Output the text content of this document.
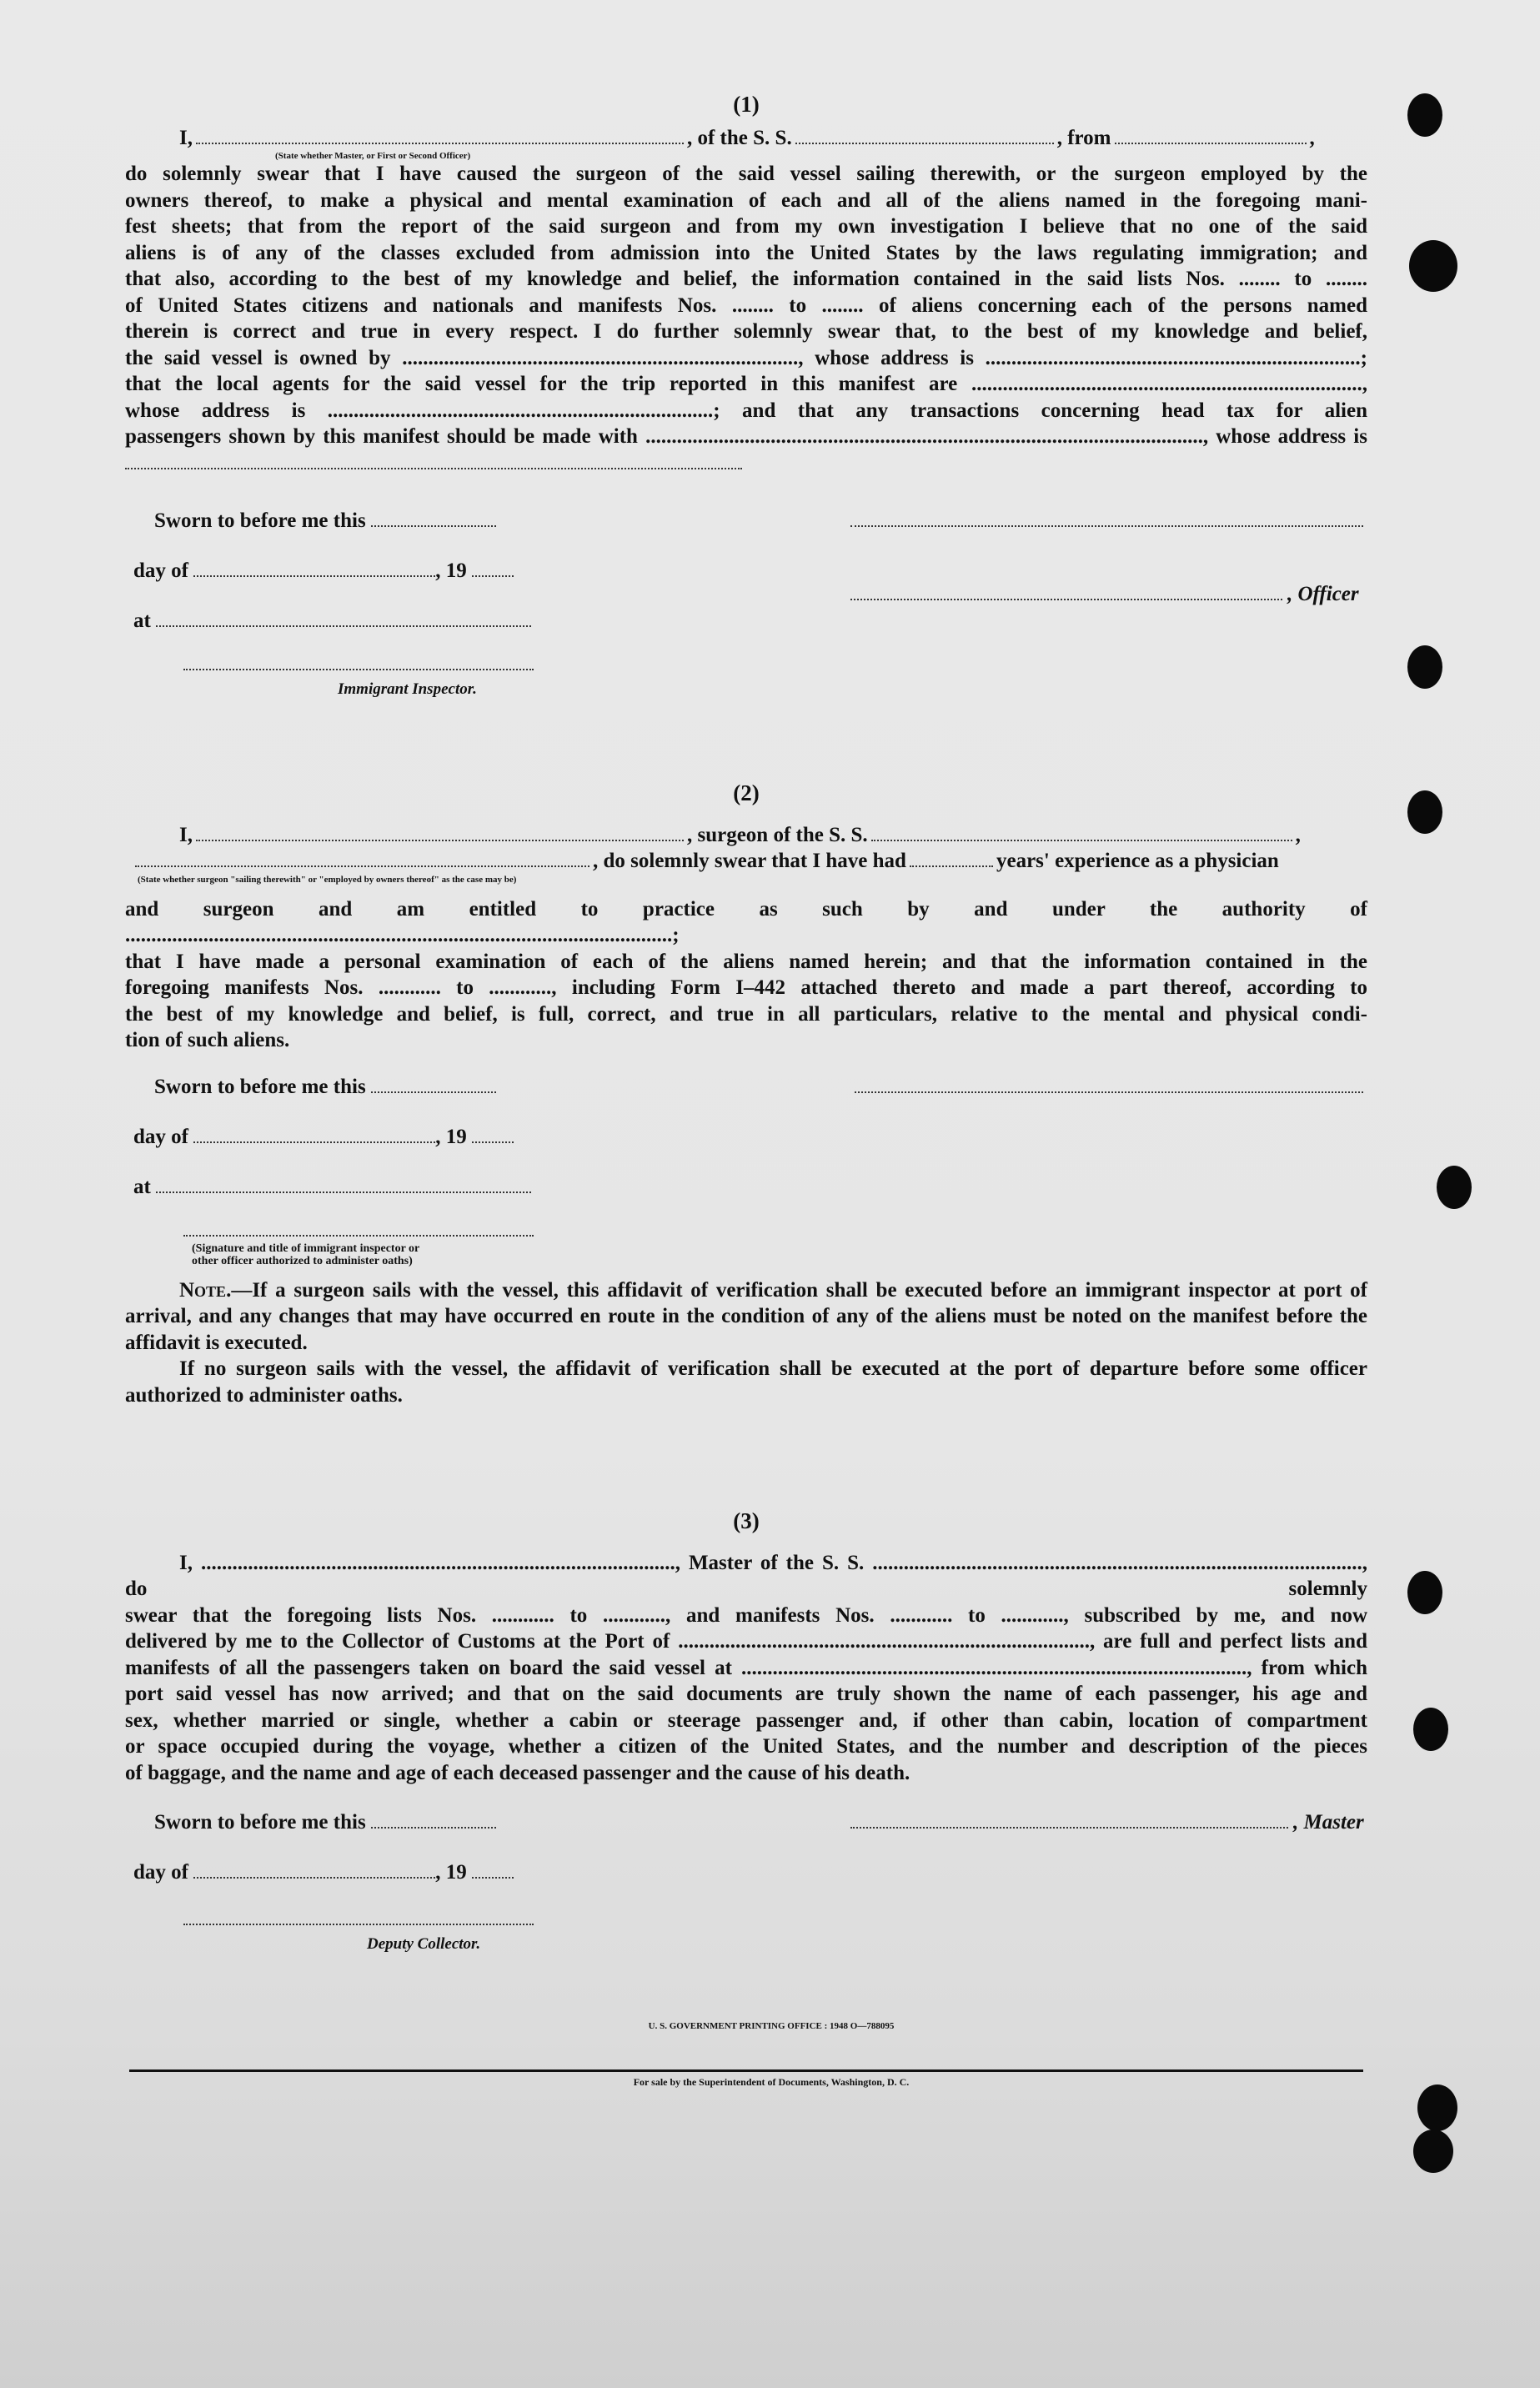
(1)
I,	, of the S. S.	, from	,
(State whether Master, or First or Second Officer)

do solemnly swear that I have caused the surgeon of the said vessel sailing therewith, or the surgeon employed by the

owners thereof, to make a physical and mental examination of each and all of the aliens named in the foregoing mani-

fest sheets; that from the report of the said surgeon and from my own investigation I believe that no one of the said

aliens is of any of the classes excluded from admission into the United States by the laws regulating immigration; and

that also, according to the best of my knowledge and belief, the information contained in the said lists Nos. ........ to ........

of United States citizens and nationals and manifests Nos. ........ to ........ of aliens concerning each of the persons named

therein is correct and true in every respect. I do further solemnly swear that, to the best of my knowledge and belief,

the said vessel is owned by ............................................................................, whose address is ........................................................................;

that the local agents for the said vessel for the trip reported in this manifest are ...........................................................................,

whose address is ..........................................................................; and that any transactions concerning head tax for alien

passengers shown by this manifest should be made with ..........................................................................................................., whose address is

Sworn to before me this
day of	, 19
, Officer
at
Immigrant Inspector.
(2)
I,	, surgeon of the S. S.	,
, do solemnly swear that I have had	years' experience as a physician
(State whether surgeon "sailing therewith" or "employed by owners thereof" as the case may be)

and surgeon and am entitled to practice as such by and under the authority of .........................................................................................................;

that I have made a personal examination of each of the aliens named herein; and that the information contained in the

foregoing manifests Nos. ............ to ............, including Form I–442 attached thereto and made a part thereof, according to

the best of my knowledge and belief, is full, correct, and true in all particulars, relative to the mental and physical condi-

tion of such aliens.

Sworn to before me this
day of	, 19
at
(Signature and title of immigrant inspector or
other officer authorized to administer oaths)
Note.—If a surgeon sails with the vessel, this affidavit of verification shall be executed before an immigrant inspector at port of arrival, and any changes that may have occurred en route in the condition of any of the aliens must be noted on the manifest before the affidavit is executed.
If no surgeon sails with the vessel, the affidavit of verification shall be executed at the port of departure before some officer authorized to administer oaths.
(3)

I, ..........................................................................................., Master of the S. S. .............................................................................................., do solemnly

swear that the foregoing lists Nos. ............ to ............, and manifests Nos. ............ to ............, subscribed by me, and now

delivered by me to the Collector of Customs at the Port of ..............................................................................., are full and perfect lists and

manifests of all the passengers taken on board the said vessel at ................................................................................................., from which

port said vessel has now arrived; and that on the said documents are truly shown the name of each passenger, his age and

sex, whether married or single, whether a cabin or steerage passenger and, if other than cabin, location of compartment

or space occupied during the voyage, whether a citizen of the United States, and the number and description of the pieces

of baggage, and the name and age of each deceased passenger and the cause of his death.

Sworn to before me this	, Master
day of	, 19
Deputy Collector.
U. S. GOVERNMENT PRINTING OFFICE : 1948 O—788095
For sale by the Superintendent of Documents, Washington, D. C.
